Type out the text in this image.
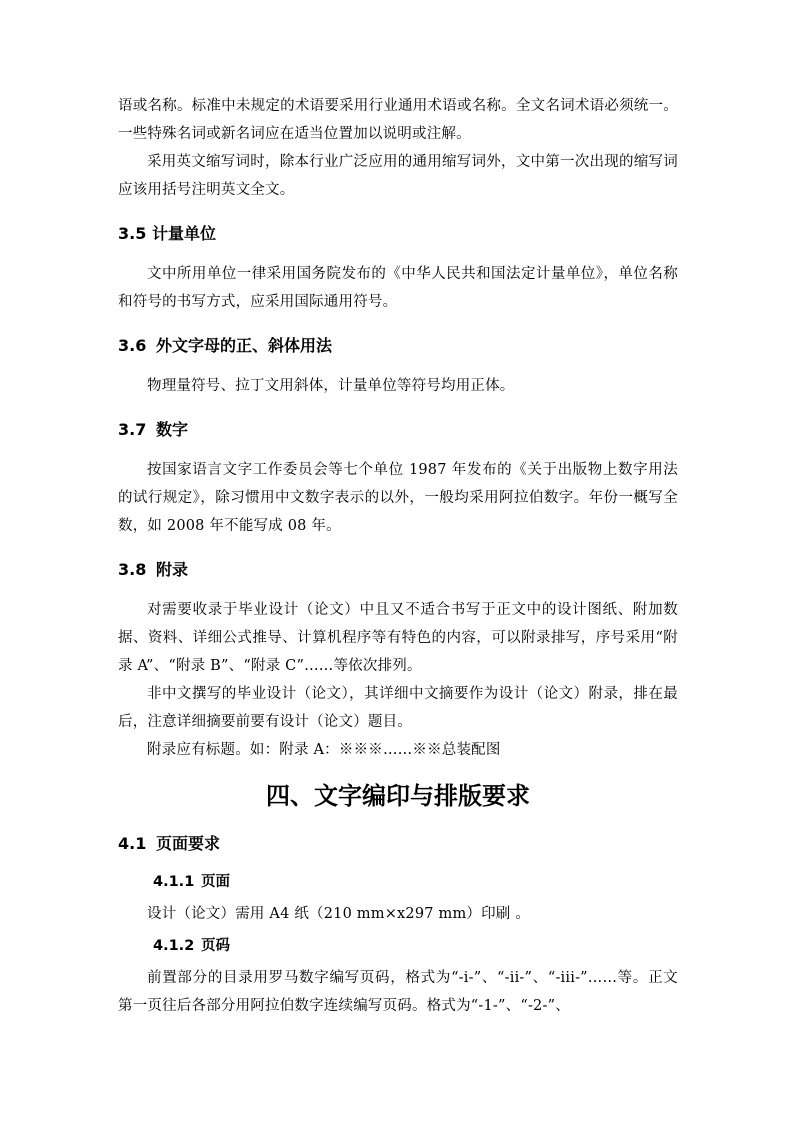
语或名称。标准中未规定的术语要采用行业通用术语或名称。全文名词术语必须统一。一些特殊名词或新名词应在适当位置加以说明或注解。

采用英文缩写词时，除本行业广泛应用的通用缩写词外，文中第一次出现的缩写词应该用括号注明英文全文。

3.5 计量单位

文中所用单位一律采用国务院发布的《中华人民共和国法定计量单位》，单位名称和符号的书写方式，应采用国际通用符号。

3.6 外文字母的正、斜体用法

物理量符号、拉丁文用斜体，计量单位等符号均用正体。

3.7 数字

按国家语言文字工作委员会等七个单位 1987 年发布的《关于出版物上数字用法的试行规定》，除习惯用中文数字表示的以外，一般均采用阿拉伯数字。年份一概写全数，如 2008 年不能写成 08 年。

3.8 附录

对需要收录于毕业设计（论文）中且又不适合书写于正文中的设计图纸、附加数据、资料、详细公式推导、计算机程序等有特色的内容，可以附录排写，序号采用“附录 A”、“附录 B”、“附录 C”……等依次排列。

非中文撰写的毕业设计（论文），其详细中文摘要作为设计（论文）附录，排在最后，注意详细摘要前要有设计（论文）题目。

附录应有标题。如：附录 A：※※※……※※总装配图

四、文字编印与排版要求
4.1 页面要求
4.1.1 页面

设计（论文）需用 A4 纸（210 mm×x297 mm）印刷 。

4.1.2 页码

前置部分的目录用罗马数字编写页码，格式为“-i-”、“-ii-”、“-iii-”……等。正文第一页往后各部分用阿拉伯数字连续编写页码。格式为“-1-”、“-2-”、
